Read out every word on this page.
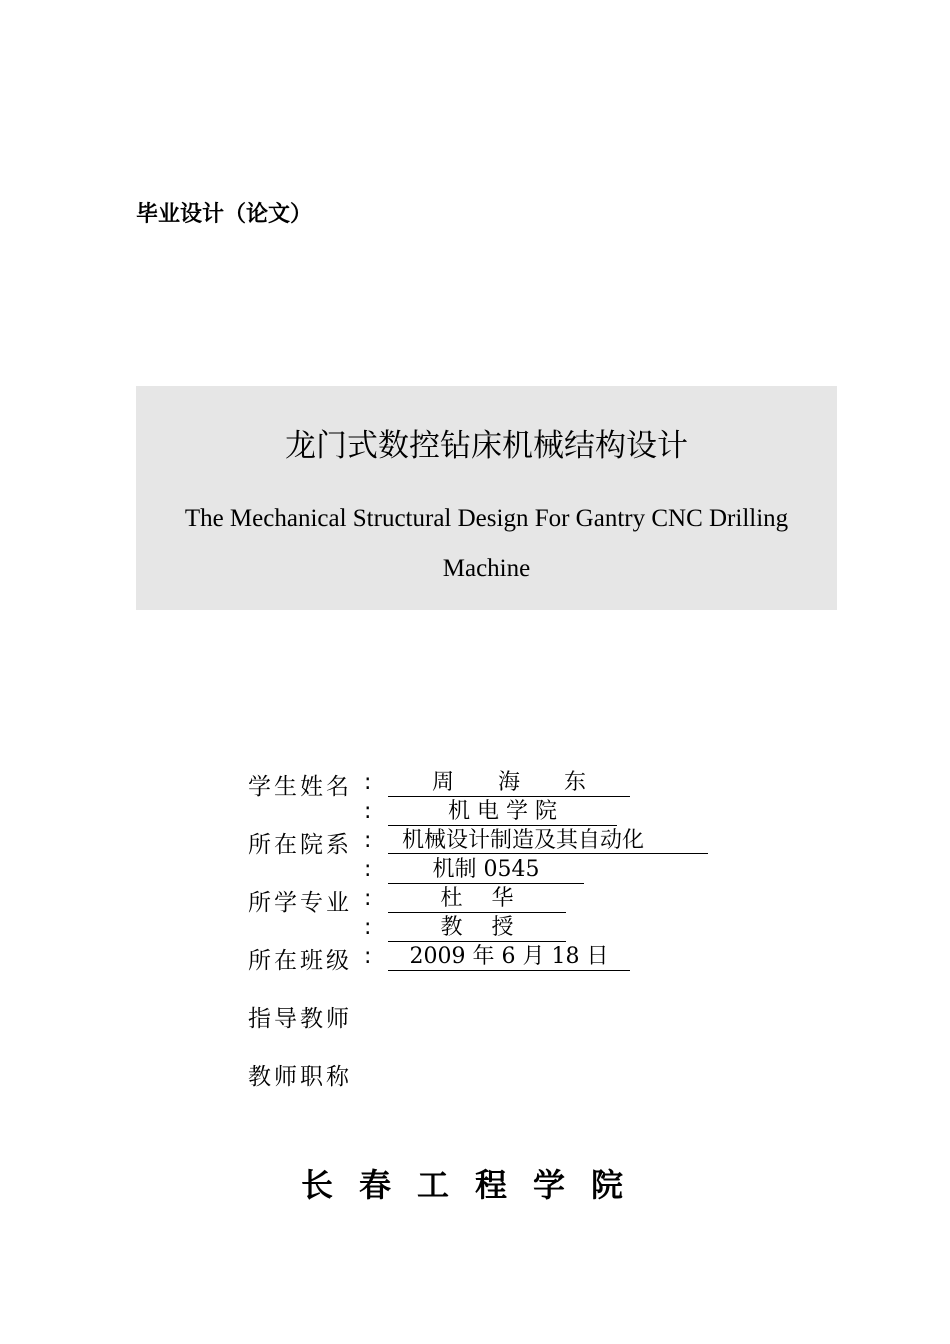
毕业设计（论文）
龙门式数控钻床机械结构设计
The Mechanical Structural Design For Gantry CNC Drilling Machine
学生姓名
所在院系
所学专业
所在班级
指导教师
教师职称
:
:
:
:
:
:
:
周　　海　　东
机 电 学 院
机械设计制造及其自动化
机制 0545
杜　 华
教　 授
2009 年 6 月 18 日
长春工程学院
